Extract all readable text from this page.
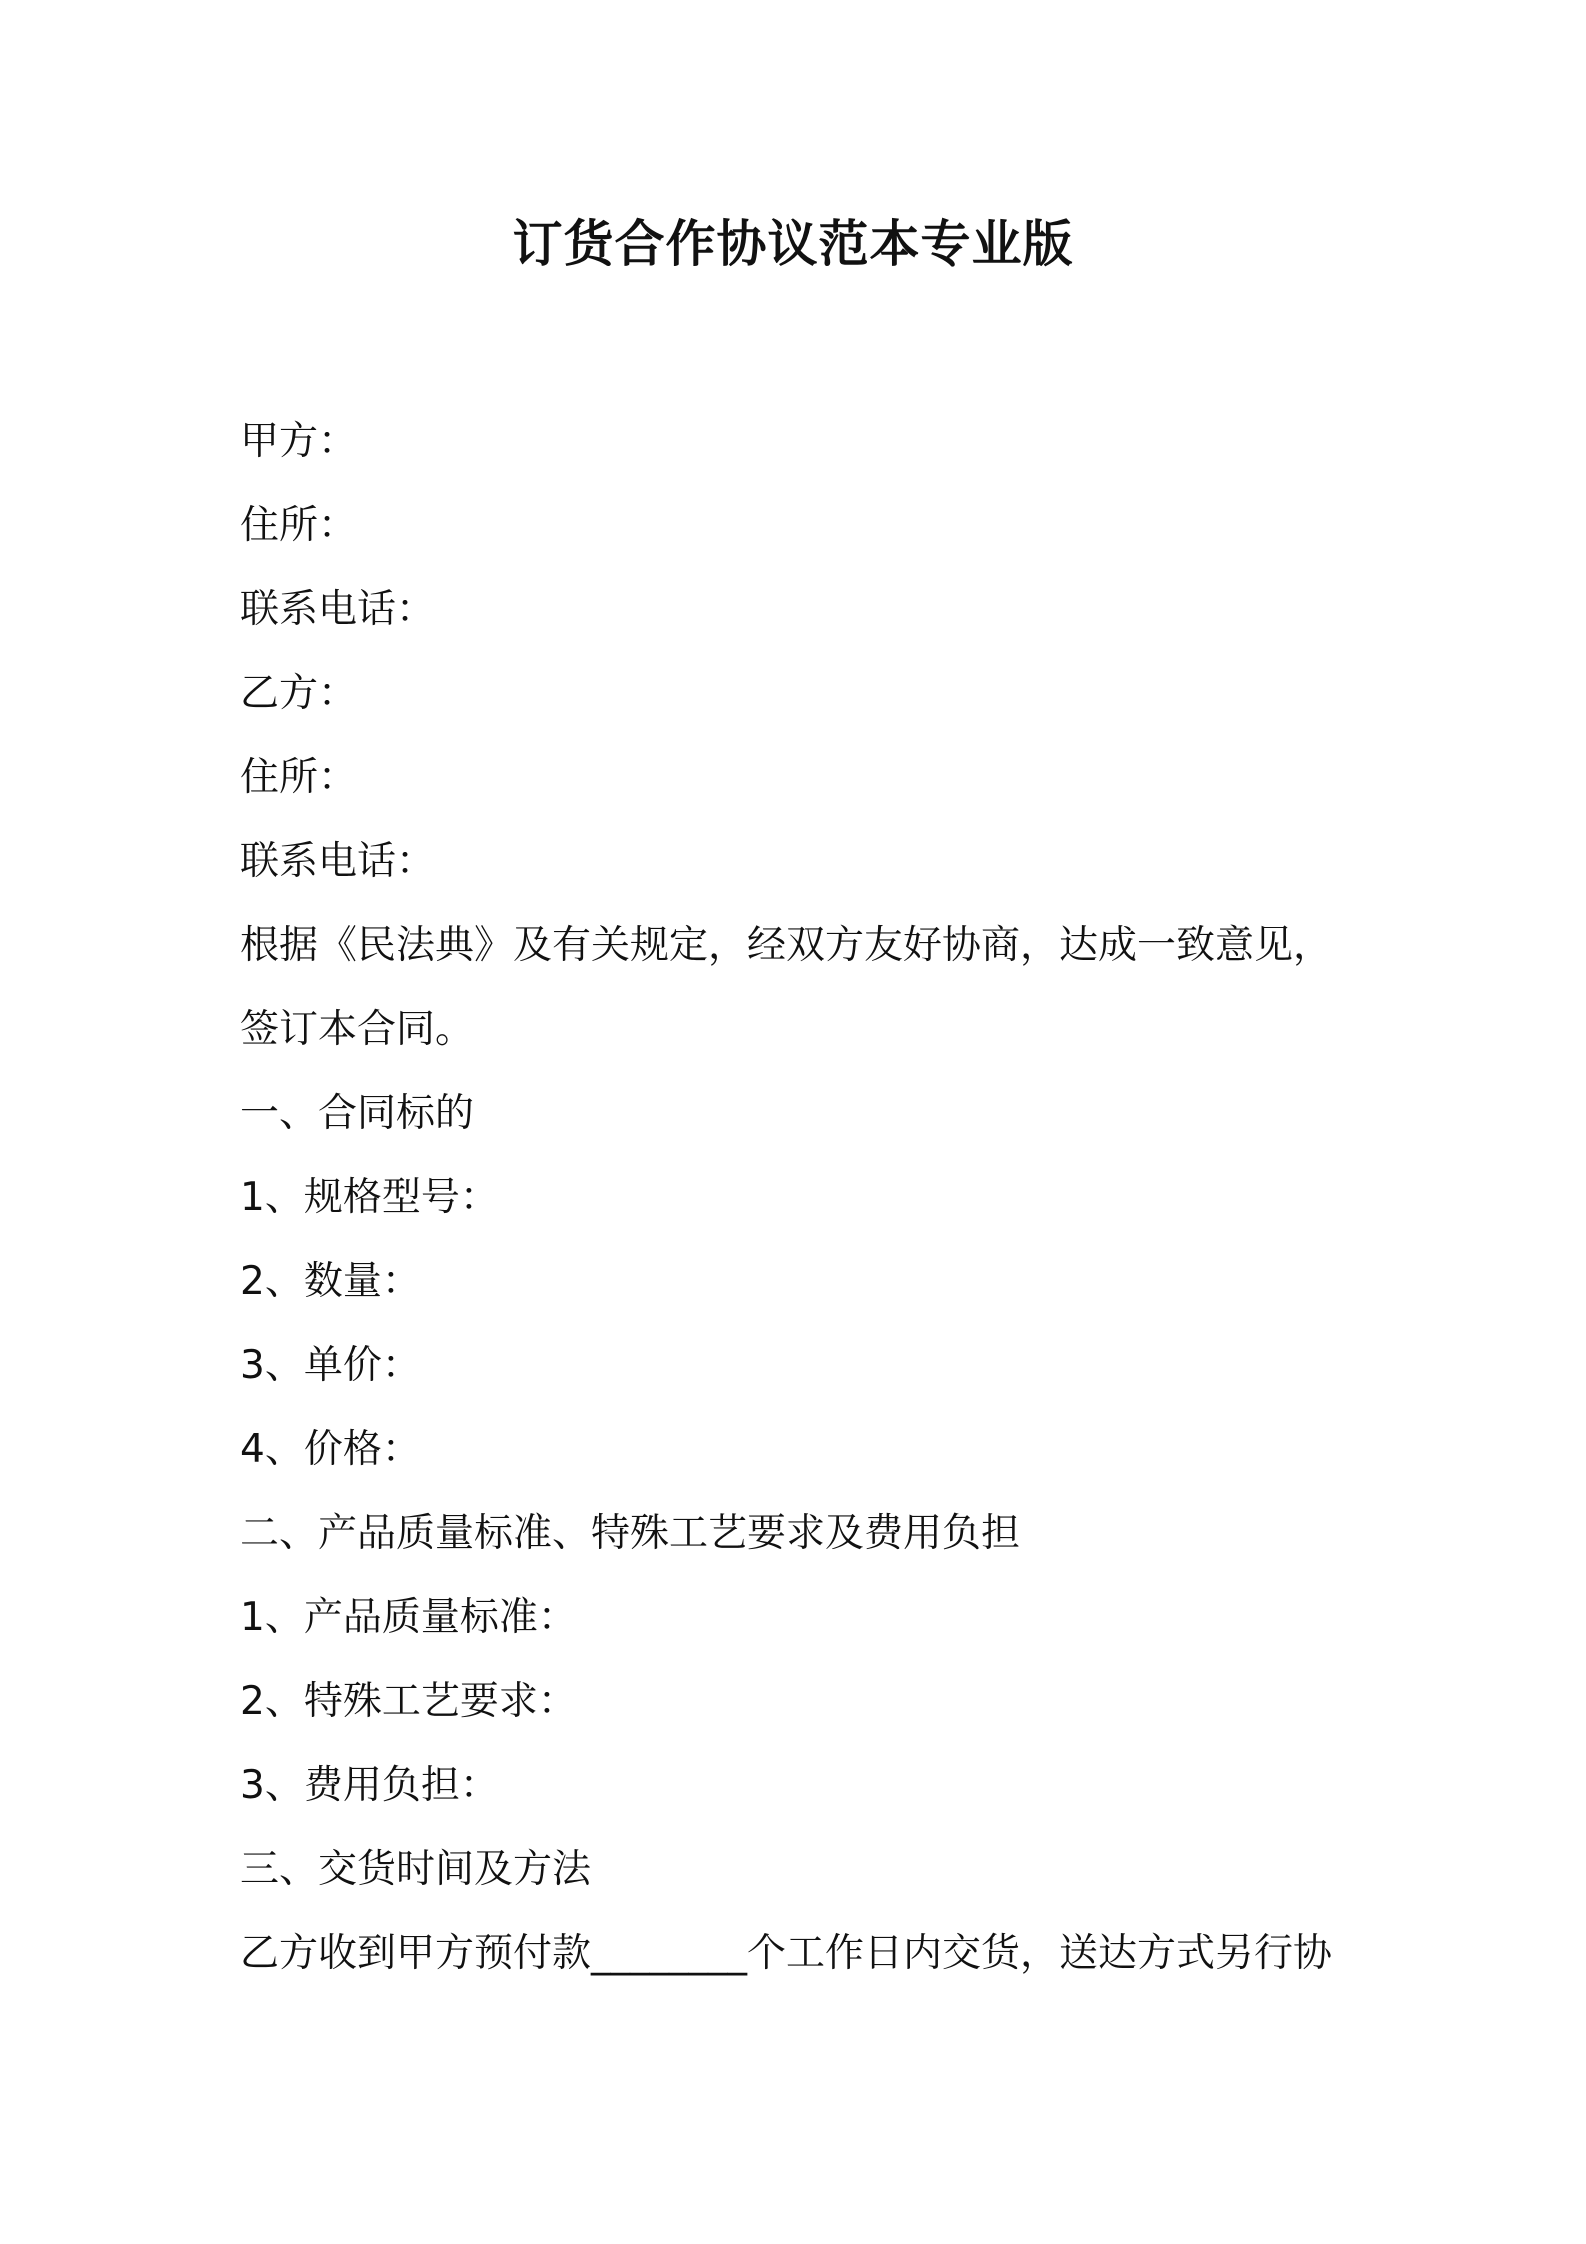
订货合作协议范本专业版
甲方：
住所：
联系电话：
乙方：
住所：
联系电话：
根据《民法典》及有关规定，经双方友好协商，达成一致意见，
签订本合同。
一、合同标的
1、规格型号：
2、数量：
3、单价：
4、价格：
二、产品质量标准、特殊工艺要求及费用负担
1、产品质量标准：
2、特殊工艺要求：
3、费用负担：
三、交货时间及方法
乙方收到甲方预付款________个工作日内交货，送达方式另行协
